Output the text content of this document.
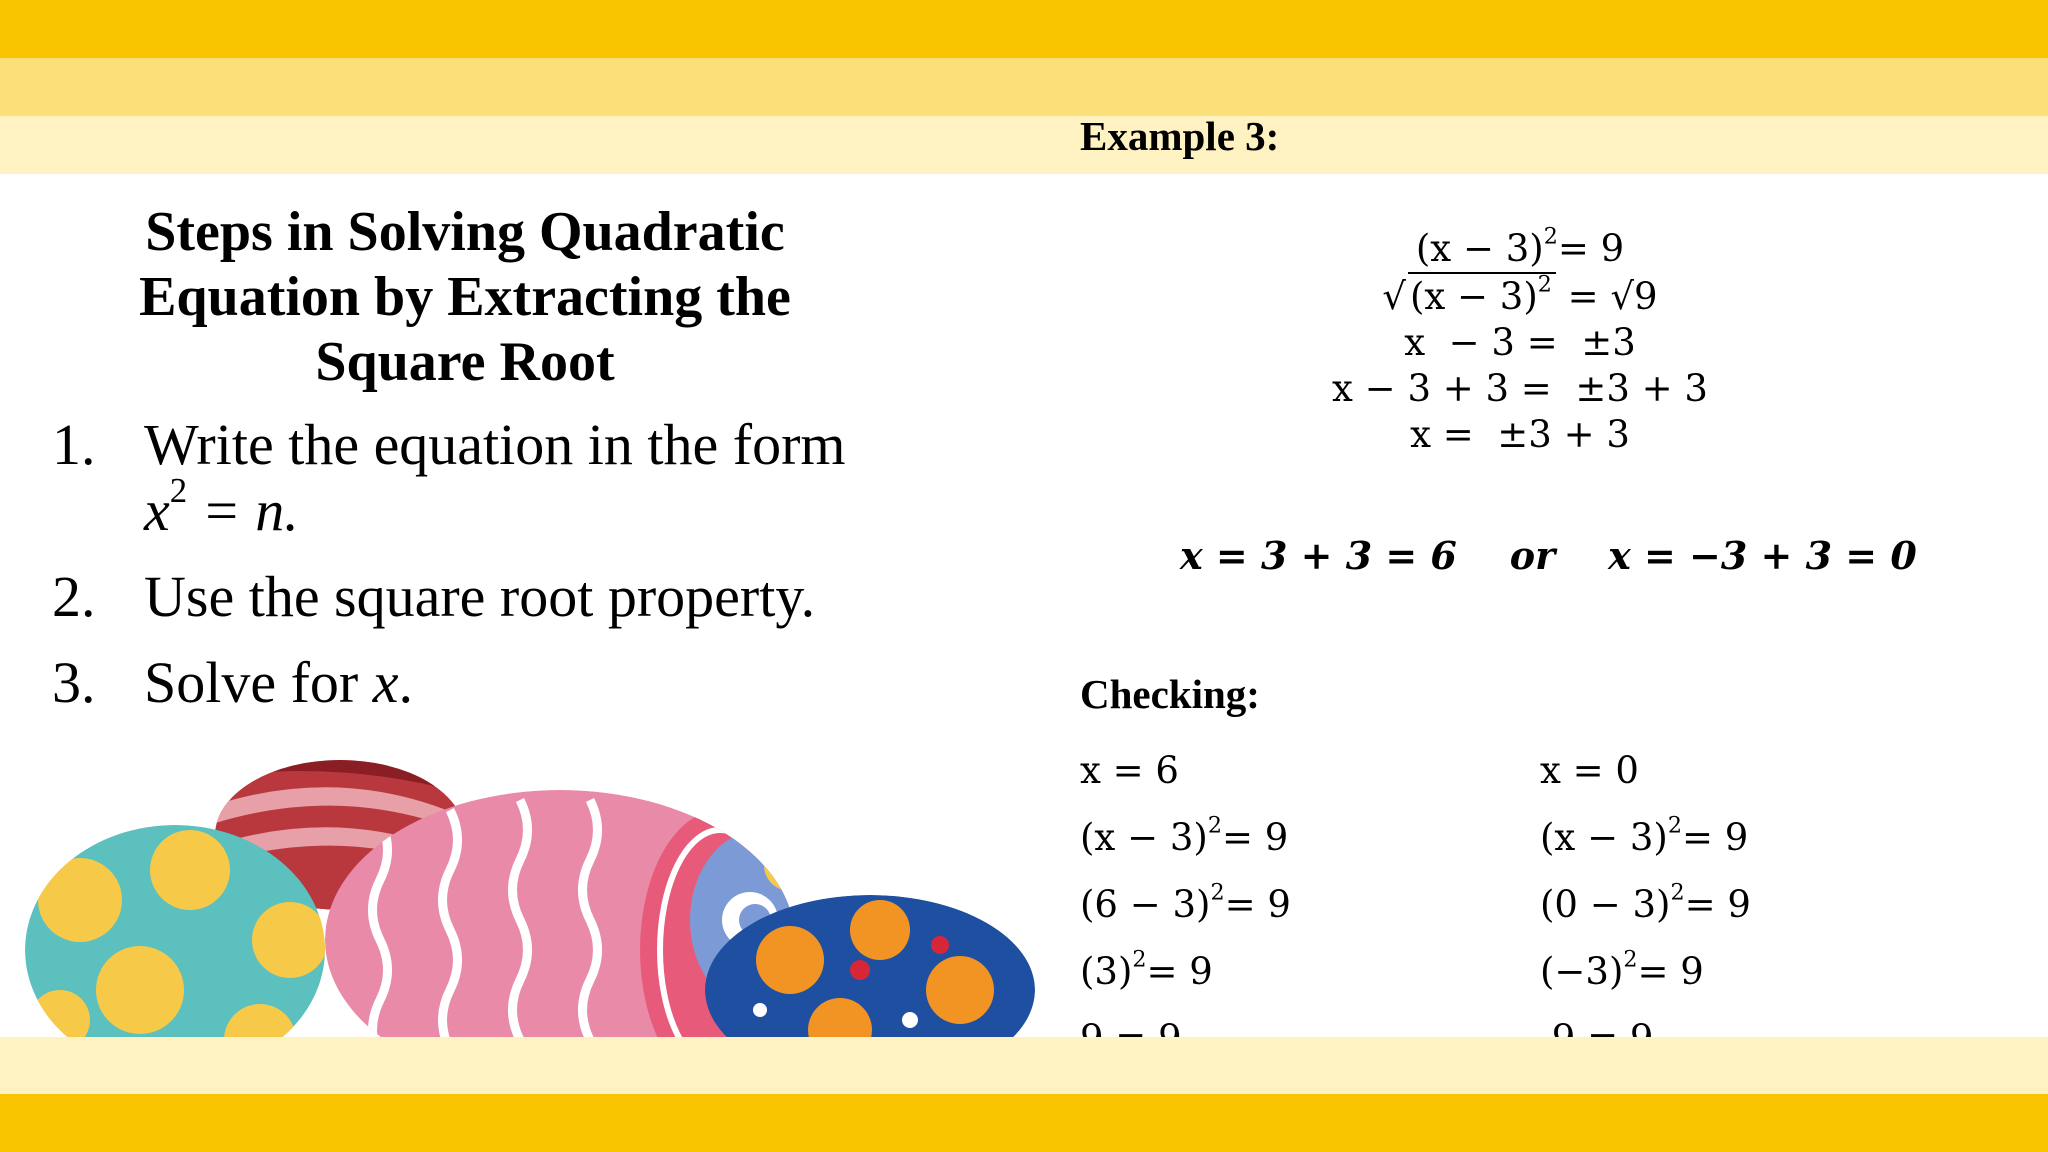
Steps in Solving Quadratic Equation by Extracting the Square Root
1. Write the equation in the form
$x^2 = n$.
2. Use the square root property.
3. Solve for x.
Example 3:
$(x - 3)^2= 9$
√ $(x - 3)^2 = √9$
x  − 3 =  ±3
x − 3 + 3 =  ±3 + 3
x =  ±3 + 3
x = 3 + 3 = 6    or    x = −3 + 3 = 0
Checking:
x = 6
$(x - 3)^2= 9$
$(6 - 3)^2= 9$
$(3)^2= 9$
x = 0
$(x - 3)^2= 9$
$(0 - 3)^2= 9$
$(-3)^2= 9$
